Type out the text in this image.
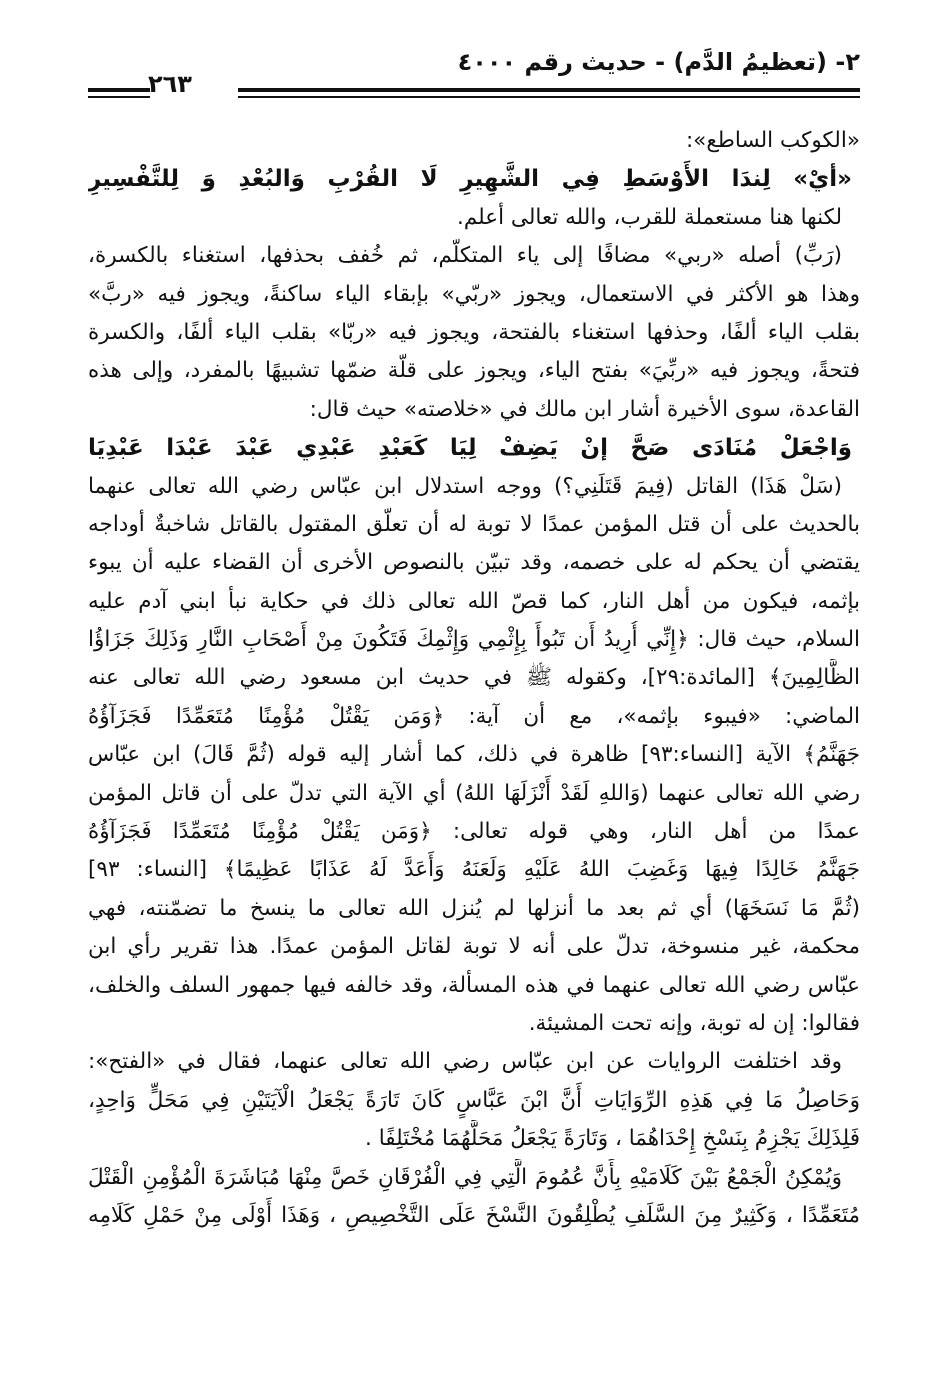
٢- (تعظيمُ الدَّم) - حديث رقم ٤٠٠٠
٢٦٣
«الكوكب الساطع»:
«أيْ» لِندَا الأَوْسَطِ فِي الشَّهِيرِ لَا القُرْبِ وَالبُعْدِ وَ لِلتَّفْسِيرِ
لكنها هنا مستعملة للقرب، والله تعالى أعلم.
(رَبِّ) أصله «ربي» مضافًا إلى ياء المتكلّم، ثم خُفف بحذفها، استغناء بالكسرة،
وهذا هو الأكثر في الاستعمال، ويجوز «ربّي» بإبقاء الياء ساكنةً، ويجوز فيه «ربَّ»
بقلب الياء ألفًا، وحذفها استغناء بالفتحة، ويجوز فيه «ربّا» بقلب الياء ألفًا، والكسرة
فتحةً، ويجوز فيه «ربِّيَ» بفتح الياء، ويجوز على قلّة ضمّها تشبيهًا بالمفرد، وإلى هذه
القاعدة، سوى الأخيرة أشار ابن مالك في «خلاصته» حيث قال:
وَاجْعَلْ مُنَادَى صَحَّ إنْ يَضِفْ لِيَا كَعَبْدِ عَبْدِي عَبْدَ عَبْدَا عَبْدِيَا
(سَلْ هَذَا) القاتل (فِيمَ قَتَلَنِي؟) ووجه استدلال ابن عبّاس رضي الله تعالى عنهما
بالحديث على أن قتل المؤمن عمدًا لا توبة له أن تعلّق المقتول بالقاتل شاخبةٌ أوداجه
يقتضي أن يحكم له على خصمه، وقد تبيّن بالنصوص الأخرى أن القضاء عليه أن يبوء
بإثمه، فيكون من أهل النار، كما قصّ الله تعالى ذلك في حكاية نبأ ابني آدم عليه
السلام، حيث قال: ﴿إِنِّي أُرِيدُ أَن تَبُوأَ بِإِثْمِي وَإِثْمِكَ فَتَكُونَ مِنْ أَصْحَابِ النَّارِ وَذَلِكَ جَزَاؤُا
الظَّالِمِينَ﴾ [المائدة:٢٩]، وكقوله ﷺ في حديث ابن مسعود رضي الله تعالى عنه
الماضي: «فيبوء بإثمه»، مع أن آية: ﴿وَمَن يَقْتُلْ مُؤْمِنًا مُتَعَمِّدًا فَجَزَآؤُهُ
جَهَنَّمُ﴾ الآية [النساء:٩٣] ظاهرة في ذلك، كما أشار إليه قوله (ثُمَّ قَالَ) ابن عبّاس
رضي الله تعالى عنهما (وَاللهِ لَقَدْ أَنْزَلَهَا اللهُ) أي الآية التي تدلّ على أن قاتل المؤمن
عمدًا من أهل النار، وهي قوله تعالى: ﴿وَمَن يَقْتُلْ مُؤْمِنًا مُتَعَمِّدًا فَجَزَآؤُهُ
جَهَنَّمُ خَالِدًا فِيهَا وَغَضِبَ اللهُ عَلَيْهِ وَلَعَنَهُ وَأَعَدَّ لَهُ عَذَابًا عَظِيمًا﴾ [النساء: ٩٣]
(ثُمَّ مَا نَسَخَهَا) أي ثم بعد ما أنزلها لم يُنزل الله تعالى ما ينسخ ما تضمّنته، فهي
محكمة، غير منسوخة، تدلّ على أنه لا توبة لقاتل المؤمن عمدًا. هذا تقرير رأي ابن
عبّاس رضي الله تعالى عنهما في هذه المسألة، وقد خالفه فيها جمهور السلف والخلف،
فقالوا: إن له توبة، وإنه تحت المشيئة.
وقد اختلفت الروايات عن ابن عبّاس رضي الله تعالى عنهما، فقال في «الفتح»:
وَحَاصِلُ مَا فِي هَذِهِ الرِّوَايَاتِ أَنَّ ابْنَ عَبَّاسٍ كَانَ تَارَةً يَجْعَلُ الْآيَتَيْنِ فِي مَحَلٍّ وَاحِدٍ،
فَلِذَلِكَ يَجْزِمُ بِنَسْخِ إِحْدَاهُمَا ، وَتَارَةً يَجْعَلُ مَحَلَّهُمَا مُخْتَلِفًا .
وَيُمْكِنُ الْجَمْعُ بَيْنَ كَلَامَيْهِ بِأَنَّ عُمُومَ الَّتِي فِي الْفُرْقَانِ خَصَّ مِنْهَا مُبَاشَرَةَ الْمُؤْمِنِ الْقَتْلَ
مُتَعَمِّدًا ، وَكَثِيرٌ مِنَ السَّلَفِ يُطْلِقُونَ النَّسْخَ عَلَى التَّخْصِيصِ ، وَهَذَا أَوْلَى مِنْ حَمْلِ كَلَامِه
